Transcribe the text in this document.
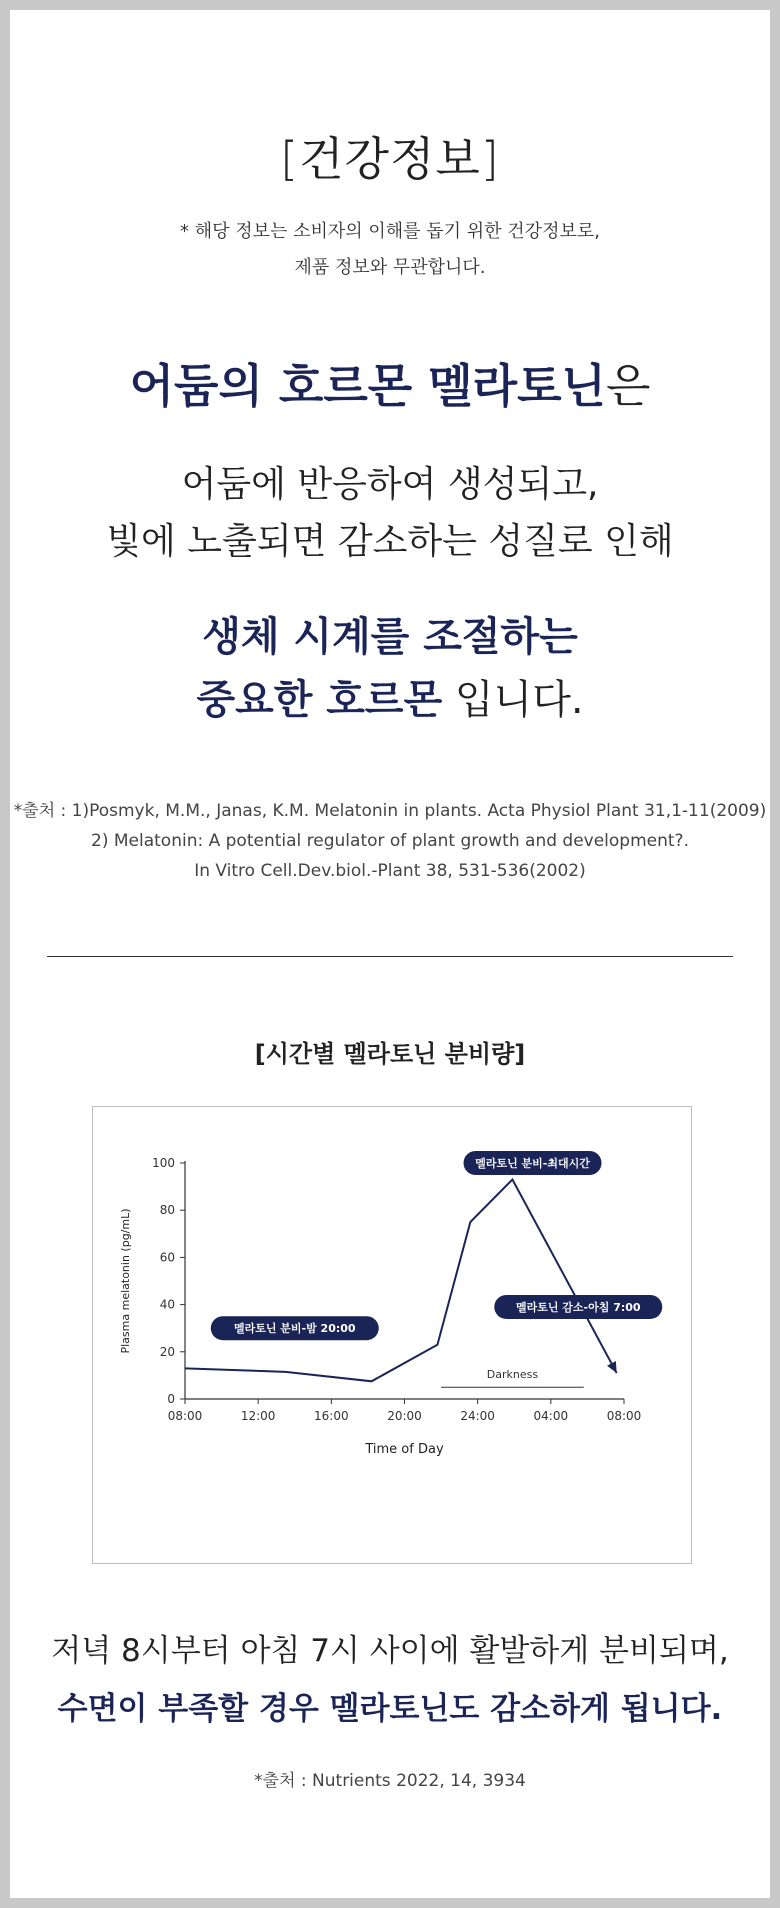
[건강정보]
* 해당 정보는 소비자의 이해를 돕기 위한 건강정보로,
제품 정보와 무관합니다.
어둠의 호르몬 멜라토닌은
어둠에 반응하여 생성되고,
빛에 노출되면 감소하는 성질로 인해
생체 시계를 조절하는
중요한 호르몬 입니다.
*출처 : 1)Posmyk, M.M., Janas, K.M. Melatonin in plants. Acta Physiol Plant 31,1-11(2009)
2) Melatonin: A potential regulator of plant growth and development?.
In Vitro Cell.Dev.biol.-Plant 38, 531-536(2002)
[시간별 멜라토닌 분비량]
0
20
40
60
80
100
08:00	12:00	16:00	20:00	24:00	04:00	08:00
Time of Day
Plasma melatonin (pg/mL)
Darkness
멜라토닌 분비-밤 20:00
멜라토닌 분비-최대시간
멜라토닌 감소-아침 7:00
저녁 8시부터 아침 7시 사이에 활발하게 분비되며,
수면이 부족할 경우 멜라토닌도 감소하게 됩니다.
*출처 : Nutrients 2022, 14, 3934
